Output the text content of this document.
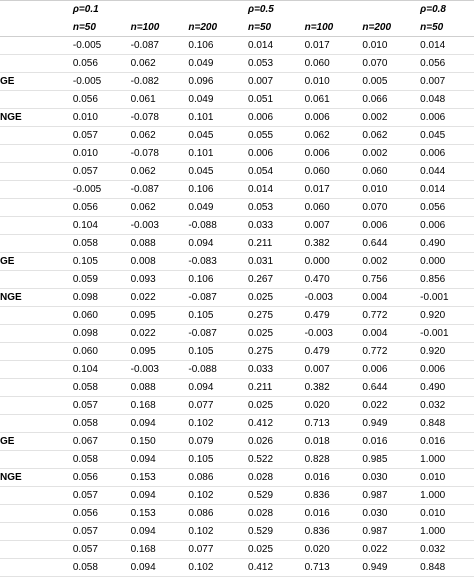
	ρ=0.1			ρ=0.5			ρ=0.8
	n=50	n=100	n=200	n=50	n=100	n=200	n=50
	-0.005	-0.087	0.106	0.014	0.017	0.010	0.014
	0.056	0.062	0.049	0.053	0.060	0.070	0.056
GE	-0.005	-0.082	0.096	0.007	0.010	0.005	0.007
	0.056	0.061	0.049	0.051	0.061	0.066	0.048
NGE	0.010	-0.078	0.101	0.006	0.006	0.002	0.006
	0.057	0.062	0.045	0.055	0.062	0.062	0.045
	0.010	-0.078	0.101	0.006	0.006	0.002	0.006
	0.057	0.062	0.045	0.054	0.060	0.060	0.044
	-0.005	-0.087	0.106	0.014	0.017	0.010	0.014
	0.056	0.062	0.049	0.053	0.060	0.070	0.056
	0.104	-0.003	-0.088	0.033	0.007	0.006	0.006
	0.058	0.088	0.094	0.211	0.382	0.644	0.490
GE	0.105	0.008	-0.083	0.031	0.000	0.002	0.000
	0.059	0.093	0.106	0.267	0.470	0.756	0.856
NGE	0.098	0.022	-0.087	0.025	-0.003	0.004	-0.001
	0.060	0.095	0.105	0.275	0.479	0.772	0.920
	0.098	0.022	-0.087	0.025	-0.003	0.004	-0.001
	0.060	0.095	0.105	0.275	0.479	0.772	0.920
	0.104	-0.003	-0.088	0.033	0.007	0.006	0.006
	0.058	0.088	0.094	0.211	0.382	0.644	0.490
	0.057	0.168	0.077	0.025	0.020	0.022	0.032
	0.058	0.094	0.102	0.412	0.713	0.949	0.848
GE	0.067	0.150	0.079	0.026	0.018	0.016	0.016
	0.058	0.094	0.105	0.522	0.828	0.985	1.000
NGE	0.056	0.153	0.086	0.028	0.016	0.030	0.010
	0.057	0.094	0.102	0.529	0.836	0.987	1.000
	0.056	0.153	0.086	0.028	0.016	0.030	0.010
	0.057	0.094	0.102	0.529	0.836	0.987	1.000
	0.057	0.168	0.077	0.025	0.020	0.022	0.032
	0.058	0.094	0.102	0.412	0.713	0.949	0.848
